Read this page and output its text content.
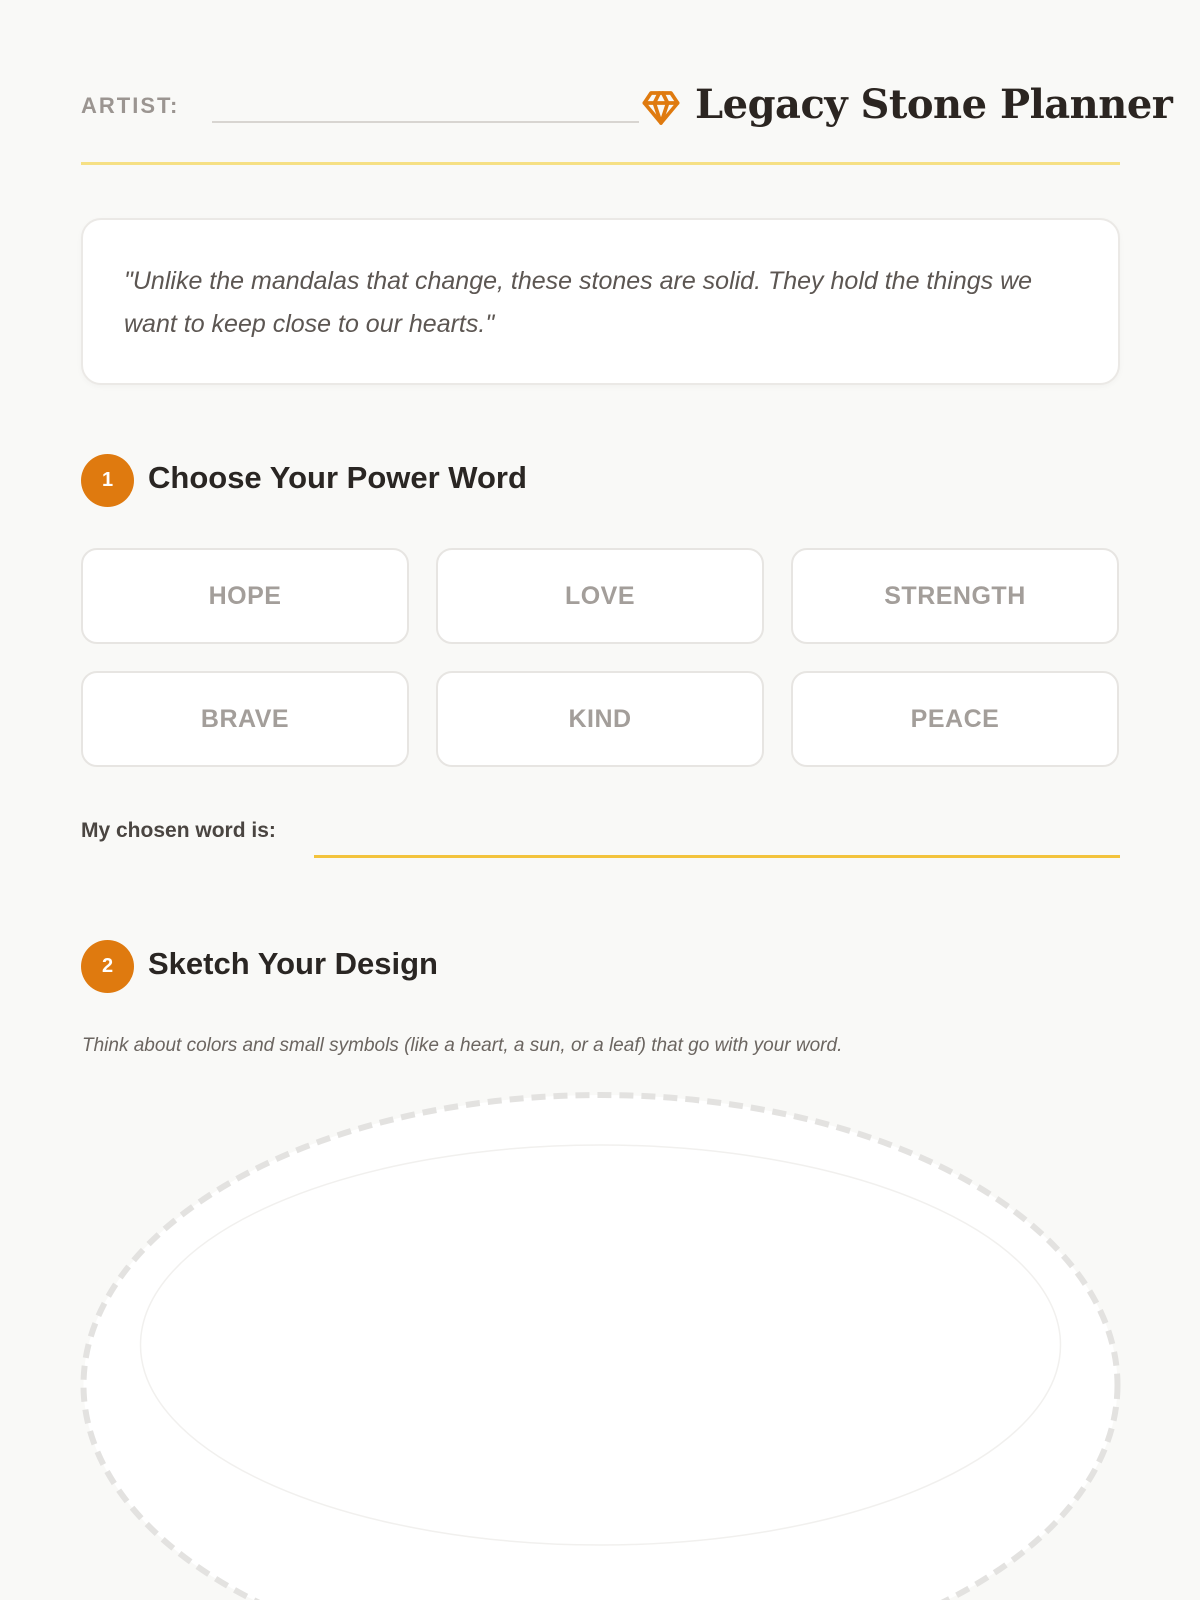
ARTIST:	Legacy Stone Planner
"Unlike the mandalas that change, these stones are solid. They hold the things we want to keep close to our hearts."
1	Choose Your Power Word
HOPE	LOVE	STRENGTH
BRAVE	KIND	PEACE
My chosen word is:
2	Sketch Your Design
Think about colors and small symbols (like a heart, a sun, or a leaf) that go with your word.
